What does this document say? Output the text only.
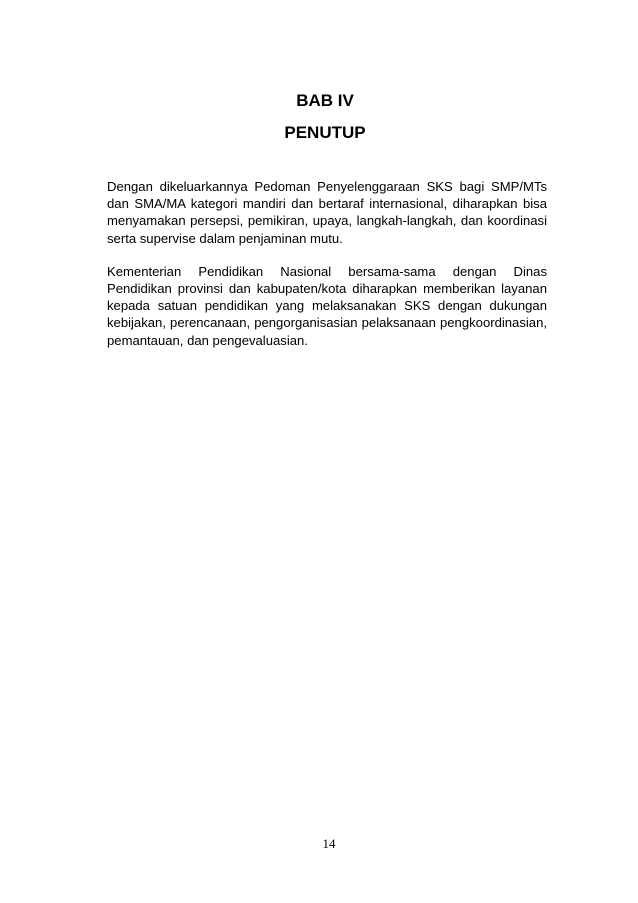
BAB IV
PENUTUP

Dengan dikeluarkannya Pedoman Penyelenggaraan SKS bagi SMP/MTs dan SMA/MA kategori mandiri dan bertaraf internasional, diharapkan bisa menyamakan persepsi, pemikiran, upaya, langkah-langkah, dan koordinasi serta supervise dalam penjaminan mutu.

Kementerian Pendidikan Nasional bersama-sama dengan Dinas Pendidikan provinsi dan kabupaten/kota diharapkan memberikan layanan kepada satuan pendidikan yang melaksanakan SKS dengan dukungan kebijakan, perencanaan, pengorganisasian pelaksanaan pengkoordinasian, pemantauan, dan pengevaluasian.

14
